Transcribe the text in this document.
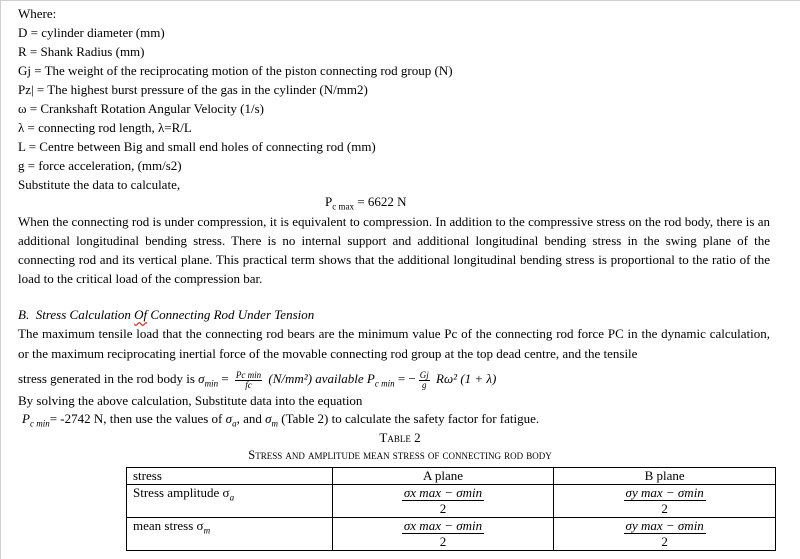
Where:
D = cylinder diameter (mm)
R = Shank Radius (mm)
Gj = The weight of the reciprocating motion of the piston connecting rod group (N)
Pz| = The highest burst pressure of the gas in the cylinder (N/mm2)
ω = Crankshaft Rotation Angular Velocity (1/s)
λ = connecting rod length, λ=R/L
L = Centre between Big and small end holes of connecting rod (mm)
g = force acceleration, (mm/s2)
Substitute the data to calculate,
$P_{c max} = 6622$ N
When the connecting rod is under compression, it is equivalent to compression. In addition to the compressive stress on the rod body, there is an additional longitudinal bending stress. There is no internal support and additional longitudinal bending stress in the swing plane of the connecting rod and its vertical plane. This practical term shows that the additional longitudinal bending stress is proportional to the ratio of the load to the critical load of the compression bar.
B. Stress Calculation Of Connecting Rod Under Tension
The maximum tensile load that the connecting rod bears are the minimum value Pc of the connecting rod force PC in the dynamic calculation, or the maximum reciprocating inertial force of the movable connecting rod group at the top dead centre, and the tensile
stress generated in the rod body is $\sigma_{min} = \frac{\text{Pc min}}{fc} (N/mm^2)$ available $P_{c min}$ = − $\frac{Gj}{g} R\omega^2$ (1 + λ)
By solving the above calculation, Substitute data into the equation
$P_{c min}= -2742$ N, then use the values of $\sigma_a$, and $\sigma_m$ (Table 2) to calculate the safety factor for fatigue.
Table 2
Stress and amplitude mean stress of connecting rod body
stress	A plane	B plane
Stress amplitude $\sigma_a$	$\frac{\text{σx max − σmin}}{2}$	$\frac{\text{σy max − σmin}}{2}$

mean stress $\sigma_m$	$\frac{\text{σx max − σmin}}{2}$	$\frac{\text{σy max − σmin}}{2}$
